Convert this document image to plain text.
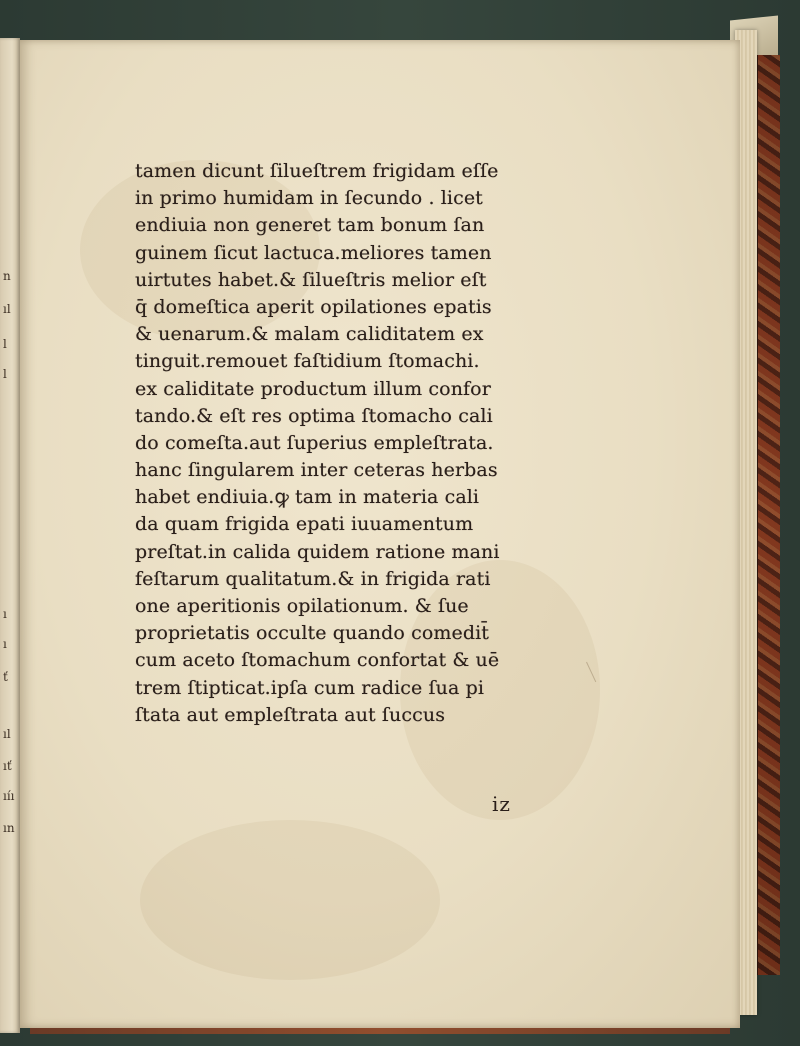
n
ıl
l
l
ı
ı
ť
ıl
ıť
ıíı
ın
tamen dicunt ſilueſtrem frigidam eſſe
in primo humidam in ſecundo . licet
endiuia non generet tam bonum ſan
guinem ſicut lactuca.meliores tamen
uirtutes habet.& ſilueſtris melior eſt
q̄ domeſtica aperit opilationes epatis
& uenarum.& malam caliditatem ex
tinguit.remouet faſtidium ſtomachi.
ex caliditate productum illum confor
tando.& eſt res optima ſtomacho cali
do comeſta.aut ſuperius empleſtrata.
hanc ſingularem inter ceteras herbas
habet endiuia.ꝙ tam in materia cali
da quam frigida epati iuuamentum
preſtat.in calida quidem ratione mani
feſtarum qualitatum.& in frigida rati
one aperitionis opilationum. & ſue
proprietatis occulte quando comedit̄
cum aceto ſtomachum confortat & uē
trem ſtipticat.ipſa cum radice ſua pi
ſtata aut empleſtrata aut ſuccus
iz
